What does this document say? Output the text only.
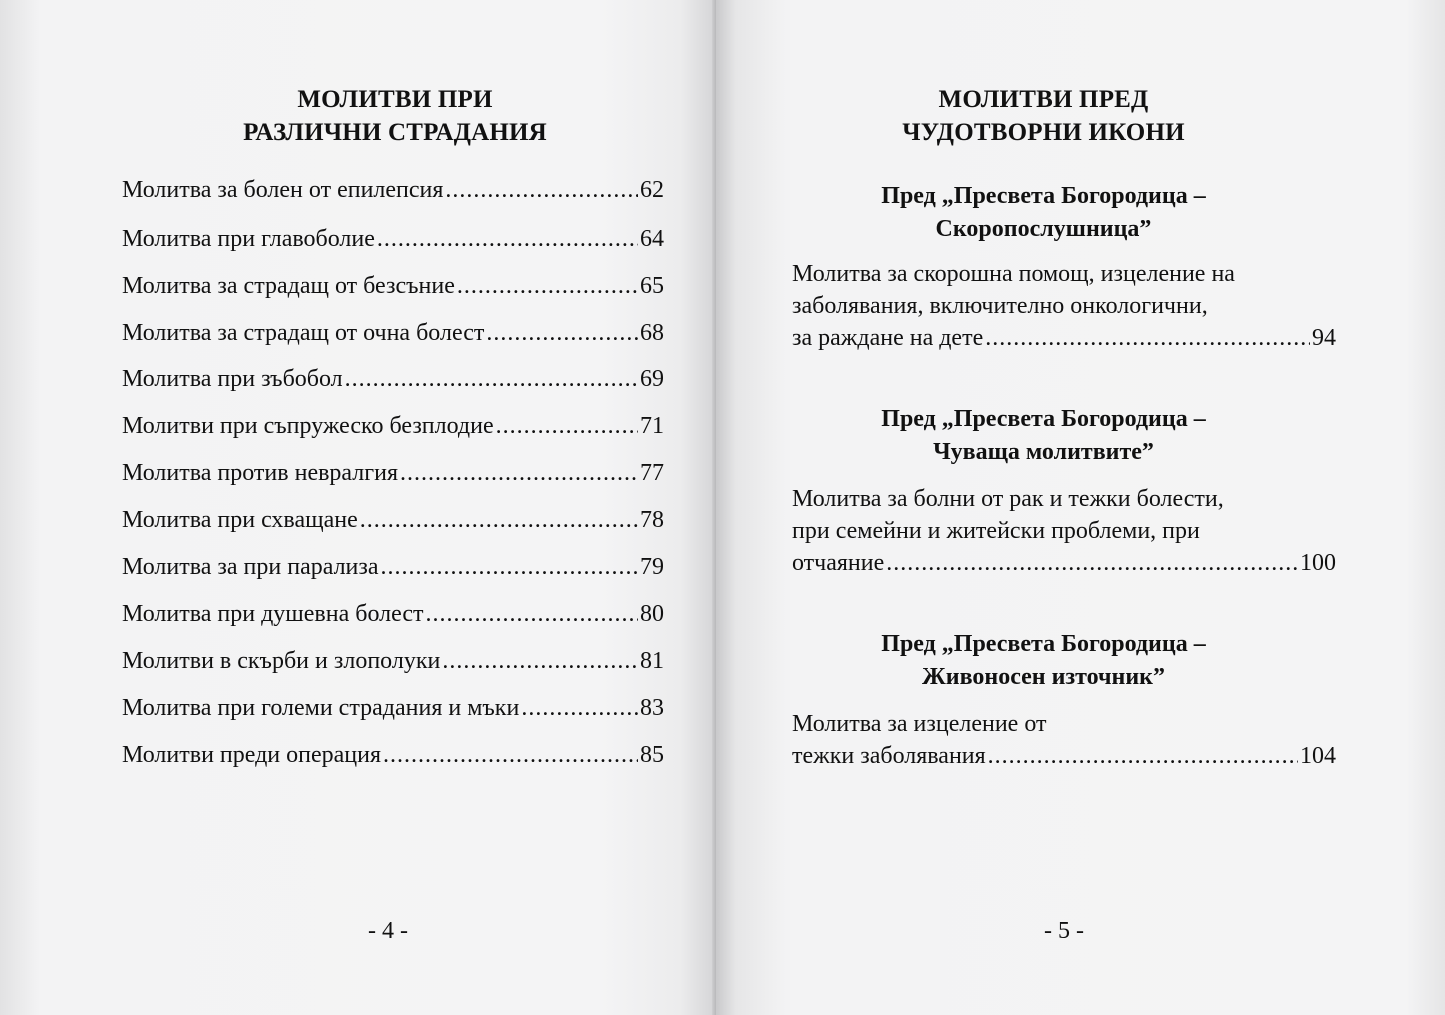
МОЛИТВИ ПРИ
РАЗЛИЧНИ СТРАДАНИЯ
Молитва за болен от епилепсия .....	62
Молитва при главоболие .....	64
Молитва за страдащ от безсъние .....	65
Молитва за страдащ от очна болест .....	68
Молитва при зъбобол .....	69
Молитви при съпружеско безплодие .....	71
Молитва против невралгия .....	77
Молитва при схващане .....	78
Молитва за при парализа .....	79
Молитва при душевна болест .....	80
Молитви в скърби и злополуки .....	81
Молитва при големи страдания и мъки .....	83
Молитви преди операция .....	85
- 4 -
МОЛИТВИ ПРЕД
ЧУДОТВОРНИ ИКОНИ
Пред „Пресвета Богородица –
Скоропослушница”
Молитва за скорошна помощ, изцеление на
заболявания, включително онкологични,
за раждане на дете .....	94
Пред „Пресвета Богородица –
Чуваща молитвите”
Молитва за болни от рак и тежки болести,
при семейни и житейски проблеми, при
отчаяние .....	100
Пред „Пресвета Богородица –
Живоносен източник”
Молитва за изцеление от
тежки заболявания .....	104
- 5 -
